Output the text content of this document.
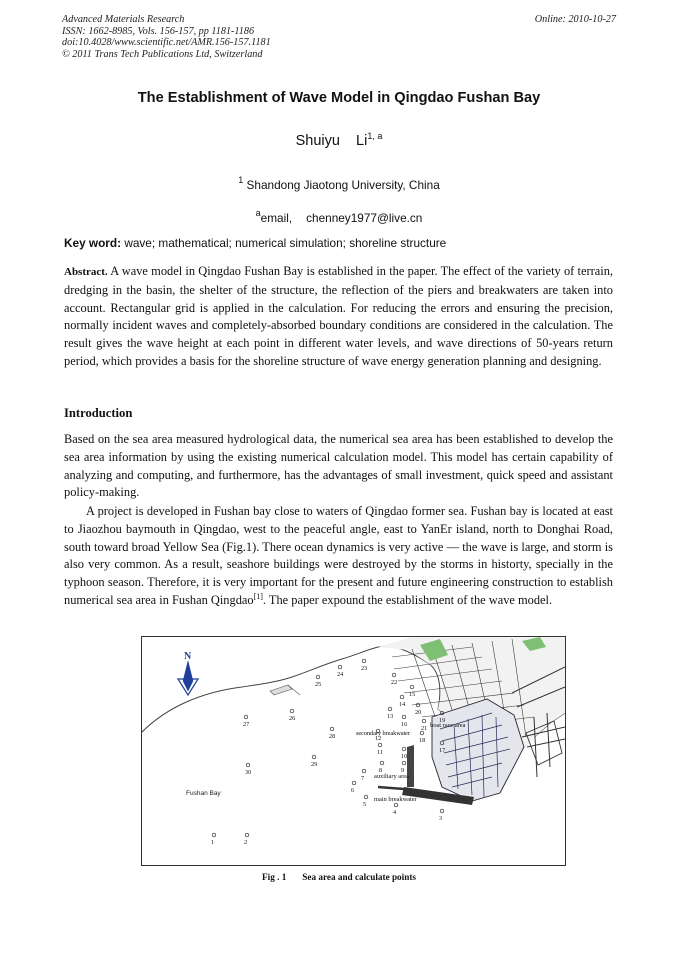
Advanced Materials Research
ISSN: 1662-8985, Vols. 156-157, pp 1181-1186
doi:10.4028/www.scientific.net/AMR.156-157.1181
© 2011 Trans Tech Publications Ltd, Switzerland
Online: 2010-10-27
The Establishment of Wave Model in Qingdao Fushan Bay
Shuiyu    Li$^{1, a}$
$^1$ Shandong Jiaotong University, China
$^a$email, chenney1977@live.cn
Key word: wave; mathematical; numerical simulation; shoreline structure

Abstract. A wave model in Qingdao Fushan Bay is established in the paper. The effect of the variety of terrain, dredging in the basin, the shelter of the structure, the reflection of the piers and breakwaters are taken into account. Rectangular grid is applied in the calculation. For reducing the errors and ensuring the precision, normally incident waves and completely-absorbed boundary conditions are considered in the calculation. The result gives the wave height at each point in different water levels, and wave directions of 50-years return period, which provides a basis for the shoreline structure of wave energy generation planning and designing.

Introduction

Based on the sea area measured hydrological data, the numerical sea area has been established to develop the sea area information by using the existing numerical calculation model. This model has certain capability of analyzing and computing, and furthermore, has the advantages of small investment, quick speed and assistant policy-making.

A project is developed in Fushan bay close to waters of Qingdao former sea. Fushan bay is located at east to Jiaozhou baymouth in Qingdao, west to the peaceful angle, east to YanEr island, north to Donghai Road, south toward broad Yellow Sea (Fig.1). There ocean dynamics is very active — the wave is large, and storm is also very common. As a result, seashore buildings were destroyed by the storms in historty, specially in the typhoon season. Therefore, it is very important for the present and future engineering construction to establish numerical sea area in Fushan Qingdao[1]. The paper expound the establishment of the wave model.

N
Fushan Bay
secondary breakwater
boat race area
auxiliary area
main breakwater
1	2
3
4
5
6
7
8	9
10
11
12
13
14
15
16
17
18
19
20
21
22
23
24
25
26
27
28
29
30
Fig . 1 Sea area and calculate points
